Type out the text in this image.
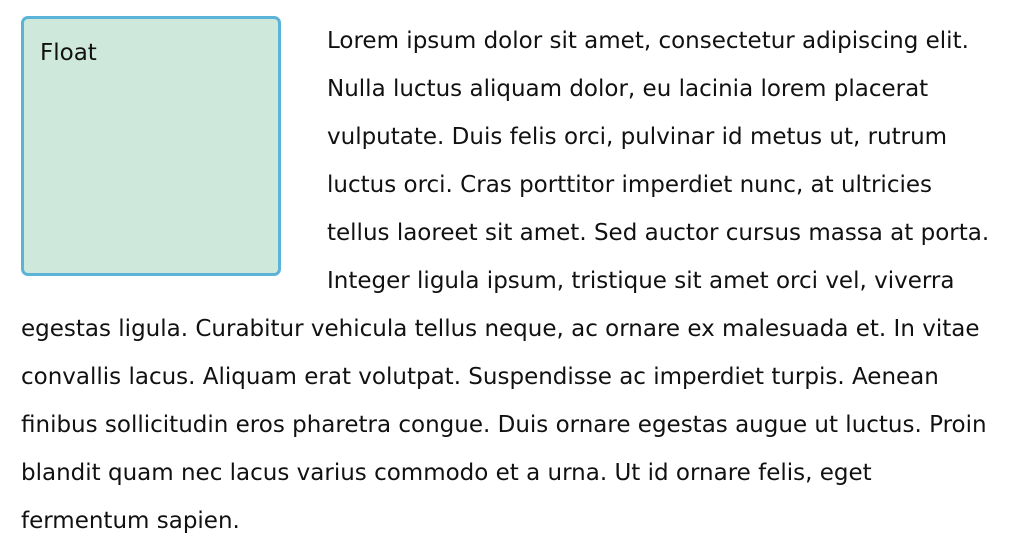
Float	Lorem ipsum dolor sit amet, consectetur adipiscing elit. Nulla luctus aliquam dolor, eu lacinia lorem placerat vulputate. Duis felis orci, pulvinar id metus ut, rutrum luctus orci. Cras porttitor imperdiet nunc, at ultricies tellus laoreet sit amet. Sed auctor cursus massa at porta. Integer ligula ipsum, tristique sit amet orci vel, viverra egestas ligula. Curabitur vehicula tellus neque, ac ornare ex malesuada et. In vitae convallis lacus. Aliquam erat volutpat. Suspendisse ac imperdiet turpis. Aenean finibus sollicitudin eros pharetra congue. Duis ornare egestas augue ut luctus. Proin blandit quam nec lacus varius commodo et a urna. Ut id ornare felis, eget fermentum sapien.
